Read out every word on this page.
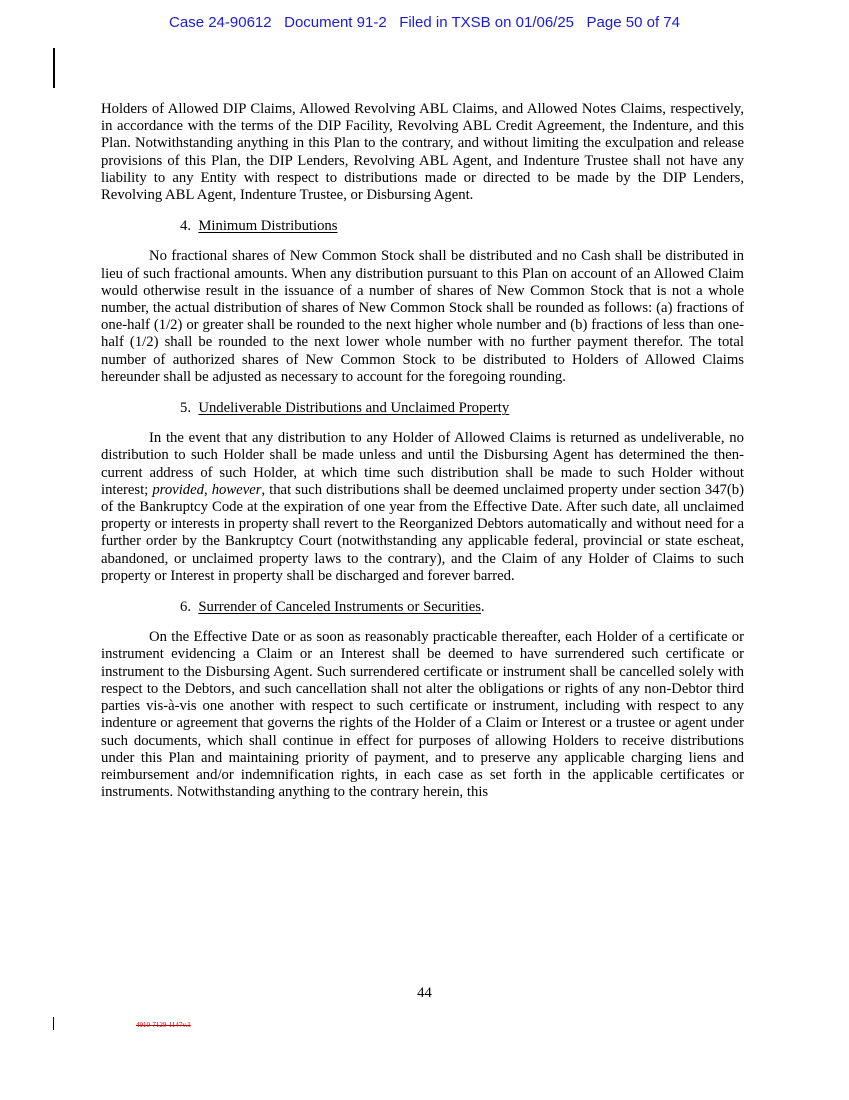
Case 24-90612 Document 91-2 Filed in TXSB on 01/06/25 Page 50 of 74

Holders of Allowed DIP Claims, Allowed Revolving ABL Claims, and Allowed Notes Claims, respectively, in accordance with the terms of the DIP Facility, Revolving ABL Credit Agreement, the Indenture, and this Plan. Notwithstanding anything in this Plan to the contrary, and without limiting the exculpation and release provisions of this Plan, the DIP Lenders, Revolving ABL Agent, and Indenture Trustee shall not have any liability to any Entity with respect to distributions made or directed to be made by the DIP Lenders, Revolving ABL Agent, Indenture Trustee, or Disbursing Agent.

4. Minimum Distributions

No fractional shares of New Common Stock shall be distributed and no Cash shall be distributed in lieu of such fractional amounts. When any distribution pursuant to this Plan on account of an Allowed Claim would otherwise result in the issuance of a number of shares of New Common Stock that is not a whole number, the actual distribution of shares of New Common Stock shall be rounded as follows: (a) fractions of one-half (1/2) or greater shall be rounded to the next higher whole number and (b) fractions of less than one-half (1/2) shall be rounded to the next lower whole number with no further payment therefor. The total number of authorized shares of New Common Stock to be distributed to Holders of Allowed Claims hereunder shall be adjusted as necessary to account for the foregoing rounding.

5. Undeliverable Distributions and Unclaimed Property

In the event that any distribution to any Holder of Allowed Claims is returned as undeliverable, no distribution to such Holder shall be made unless and until the Disbursing Agent has determined the then-current address of such Holder, at which time such distribution shall be made to such Holder without interest; provided, however, that such distributions shall be deemed unclaimed property under section 347(b) of the Bankruptcy Code at the expiration of one year from the Effective Date. After such date, all unclaimed property or interests in property shall revert to the Reorganized Debtors automatically and without need for a further order by the Bankruptcy Court (notwithstanding any applicable federal, provincial or state escheat, abandoned, or unclaimed property laws to the contrary), and the Claim of any Holder of Claims to such property or Interest in property shall be discharged and forever barred.

6. Surrender of Canceled Instruments or Securities.

On the Effective Date or as soon as reasonably practicable thereafter, each Holder of a certificate or instrument evidencing a Claim or an Interest shall be deemed to have surrendered such certificate or instrument to the Disbursing Agent. Such surrendered certificate or instrument shall be cancelled solely with respect to the Debtors, and such cancellation shall not alter the obligations or rights of any non-Debtor third parties vis-à-vis one another with respect to such certificate or instrument, including with respect to any indenture or agreement that governs the rights of the Holder of a Claim or Interest or a trustee or agent under such documents, which shall continue in effect for purposes of allowing Holders to receive distributions under this Plan and maintaining priority of payment, and to preserve any applicable charging liens and reimbursement and/or indemnification rights, in each case as set forth in the applicable certificates or instruments. Notwithstanding anything to the contrary herein, this

44
4910-7129-1147v.1
